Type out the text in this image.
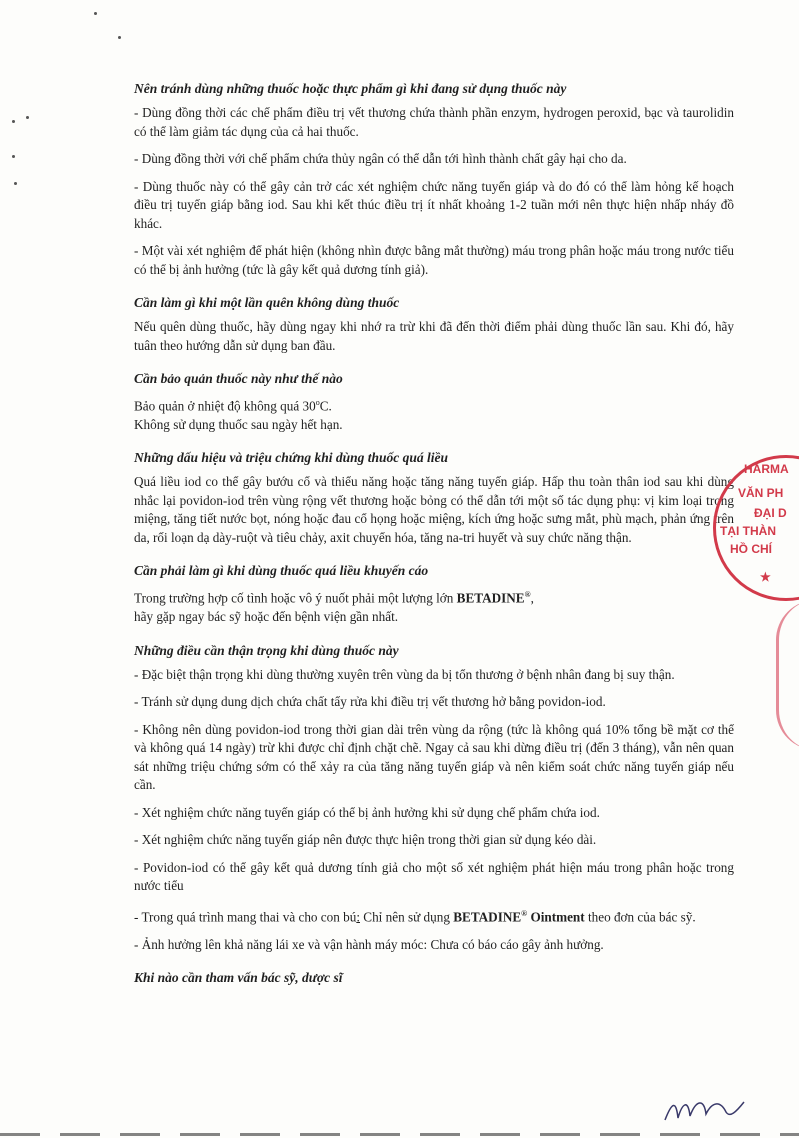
Nên tránh dùng những thuốc hoặc thực phẩm gì khi đang sử dụng thuốc này

- Dùng đồng thời các chế phẩm điều trị vết thương chứa thành phần enzym, hydrogen peroxid, bạc và taurolidin có thể làm giảm tác dụng của cả hai thuốc.

- Dùng đồng thời với chế phẩm chứa thủy ngân có thể dẫn tới hình thành chất gây hại cho da.

- Dùng thuốc này có thể gây cản trở các xét nghiệm chức năng tuyến giáp và do đó có thể làm hỏng kế hoạch điều trị tuyến giáp bằng iod. Sau khi kết thúc điều trị ít nhất khoảng 1-2 tuần mới nên thực hiện nhấp nháy đồ khác.

- Một vài xét nghiệm để phát hiện (không nhìn được bằng mắt thường) máu trong phân hoặc máu trong nước tiểu có thể bị ảnh hưởng (tức là gây kết quả dương tính giả).

Cần làm gì khi một lần quên không dùng thuốc

Nếu quên dùng thuốc, hãy dùng ngay khi nhớ ra trừ khi đã đến thời điểm phải dùng thuốc lần sau. Khi đó, hãy tuân theo hướng dẫn sử dụng ban đầu.

Cần bảo quản thuốc này như thế nào

Bảo quản ở nhiệt độ không quá 30$^o$C.

Không sử dụng thuốc sau ngày hết hạn.

Những dấu hiệu và triệu chứng khi dùng thuốc quá liều

Quá liều iod co thể gây bướu cổ và thiểu năng hoặc tăng năng tuyến giáp. Hấp thu toàn thân iod sau khi dùng nhắc lại povidon-iod trên vùng rộng vết thương hoặc bỏng có thể dẫn tới một số tác dụng phụ: vị kim loại trong miệng, tăng tiết nước bọt, nóng hoặc đau cổ họng hoặc miệng, kích ứng hoặc sưng mắt, phù mạch, phản ứng trên da, rối loạn dạ dày-ruột và tiêu chảy, axit chuyển hóa, tăng na-tri huyết và suy chức năng thận.

Cần phải làm gì khi dùng thuốc quá liều khuyến cáo

Trong trường hợp cố tình hoặc vô ý nuốt phải một lượng lớn BETADINE®,

hãy gặp ngay bác sỹ hoặc đến bệnh viện gần nhất.

Những điều cần thận trọng khi dùng thuốc này

- Đặc biệt thận trọng khi dùng thường xuyên trên vùng da bị tổn thương ở bệnh nhân đang bị suy thận.

- Tránh sử dụng dung dịch chứa chất tẩy rửa khi điều trị vết thương hở bằng povidon-iod.

- Không nên dùng povidon-iod trong thời gian dài trên vùng da rộng (tức là không quá 10% tổng bề mặt cơ thể và không quá 14 ngày) trừ khi được chỉ định chặt chẽ. Ngay cả sau khi dừng điều trị (đến 3 tháng), vẫn nên quan sát những triệu chứng sớm có thể xảy ra của tăng năng tuyến giáp và nên kiểm soát chức năng tuyến giáp nếu cần.

- Xét nghiệm chức năng tuyến giáp có thể bị ảnh hưởng khi sử dụng chế phẩm chứa iod.

- Xét nghiệm chức năng tuyến giáp nên được thực hiện trong thời gian sử dụng kéo dài.

- Povidon-iod có thể gây kết quả dương tính giả cho một số xét nghiệm phát hiện máu trong phân hoặc trong nước tiểu

- Trong quá trình mang thai và cho con bú: Chỉ nên sử dụng BETADINE® Ointment theo đơn của bác sỹ.

- Ảnh hưởng lên khả năng lái xe và vận hành máy móc: Chưa có báo cáo gây ảnh hưởng.

Khi nào cần tham vấn bác sỹ, dược sĩ
HARMA
VĂN PH
ĐẠI D
TẠI THÀN
HỒ CHÍ
★
